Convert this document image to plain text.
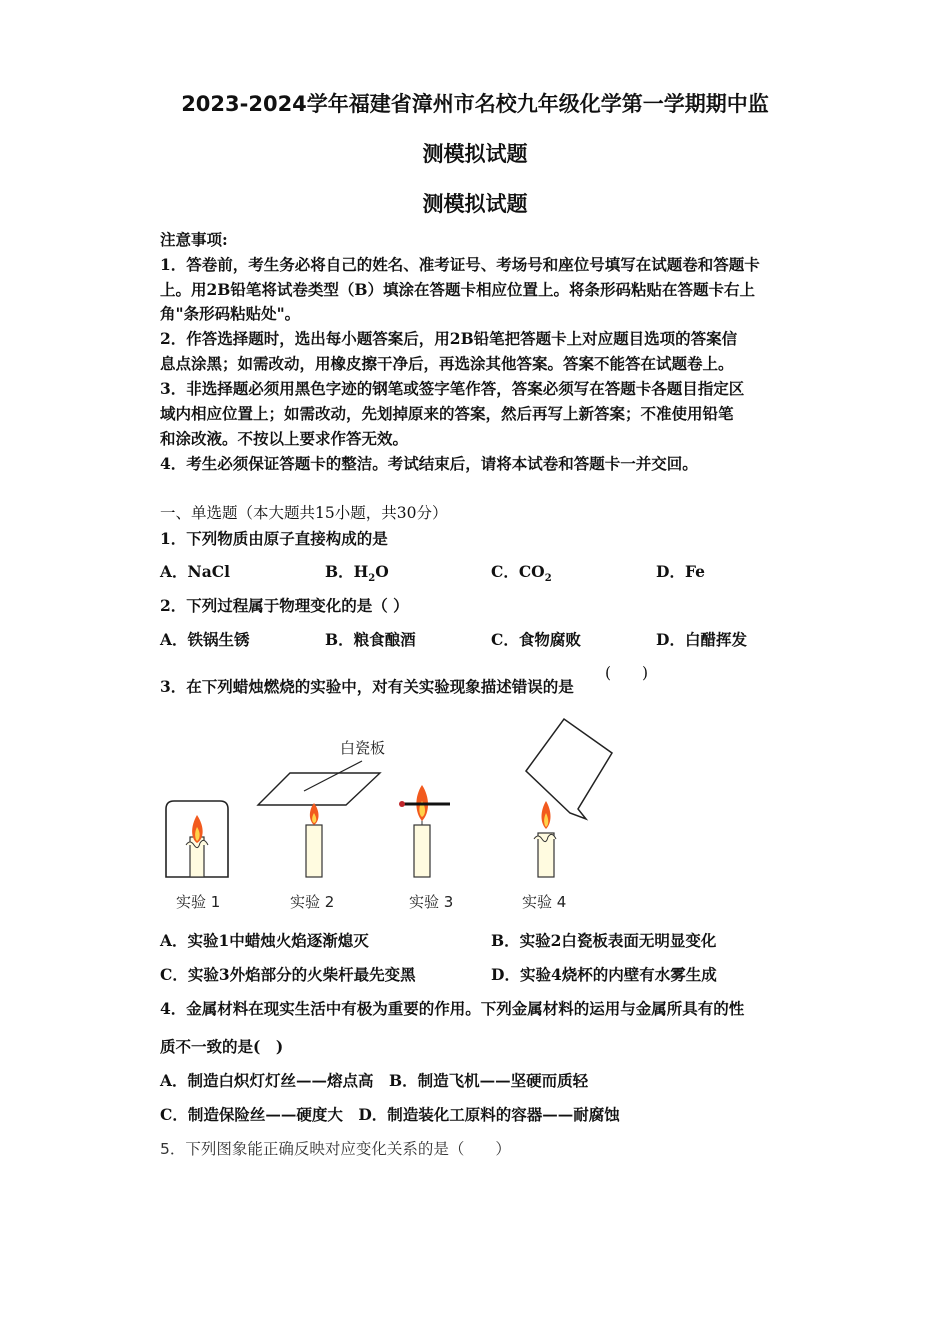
2023-2024学年福建省漳州市名校九年级化学第一学期期中监
测模拟试题
测模拟试题
注意事项:
1．答卷前，考生务必将自己的姓名、准考证号、考场号和座位号填写在试题卷和答题卡
上。用2B铅笔将试卷类型（B）填涂在答题卡相应位置上。将条形码粘贴在答题卡右上
角"条形码粘贴处"。
2．作答选择题时，选出每小题答案后，用2B铅笔把答题卡上对应题目选项的答案信
息点涂黑；如需改动，用橡皮擦干净后，再选涂其他答案。答案不能答在试题卷上。
3．非选择题必须用黑色字迹的钢笔或签字笔作答，答案必须写在答题卡各题目指定区
域内相应位置上；如需改动，先划掉原来的答案，然后再写上新答案；不准使用铅笔
和涂改液。不按以上要求作答无效。
4．考生必须保证答题卡的整洁。考试结束后，请将本试卷和答题卡一并交回。
一、单选题（本大题共15小题，共30分）
1．下列物质由原子直接构成的是
A．NaCl	B．$H_2O$	C．$CO_2$	D．Fe
2．下列过程属于物理变化的是（ ）
A．铁锅生锈	B．粮食酿酒	C．食物腐败	D．白醋挥发
3．在下列蜡烛燃烧的实验中，对有关实验现象描述错误的是
(　　)
白瓷板
实验 1	实验 2	实验 3	实验 4
A．实验1中蜡烛火焰逐渐熄灭	B．实验2白瓷板表面无明显变化
C．实验3外焰部分的火柴杆最先变黑	D．实验4烧杯的内壁有水雾生成
4．金属材料在现实生活中有极为重要的作用。下列金属材料的运用与金属所具有的性
质不一致的是(　)
A．制造白炽灯灯丝——熔点高　B．制造飞机——坚硬而质轻
C．制造保险丝——硬度大　D．制造装化工原料的容器——耐腐蚀
5．下列图象能正确反映对应变化关系的是（　　）
